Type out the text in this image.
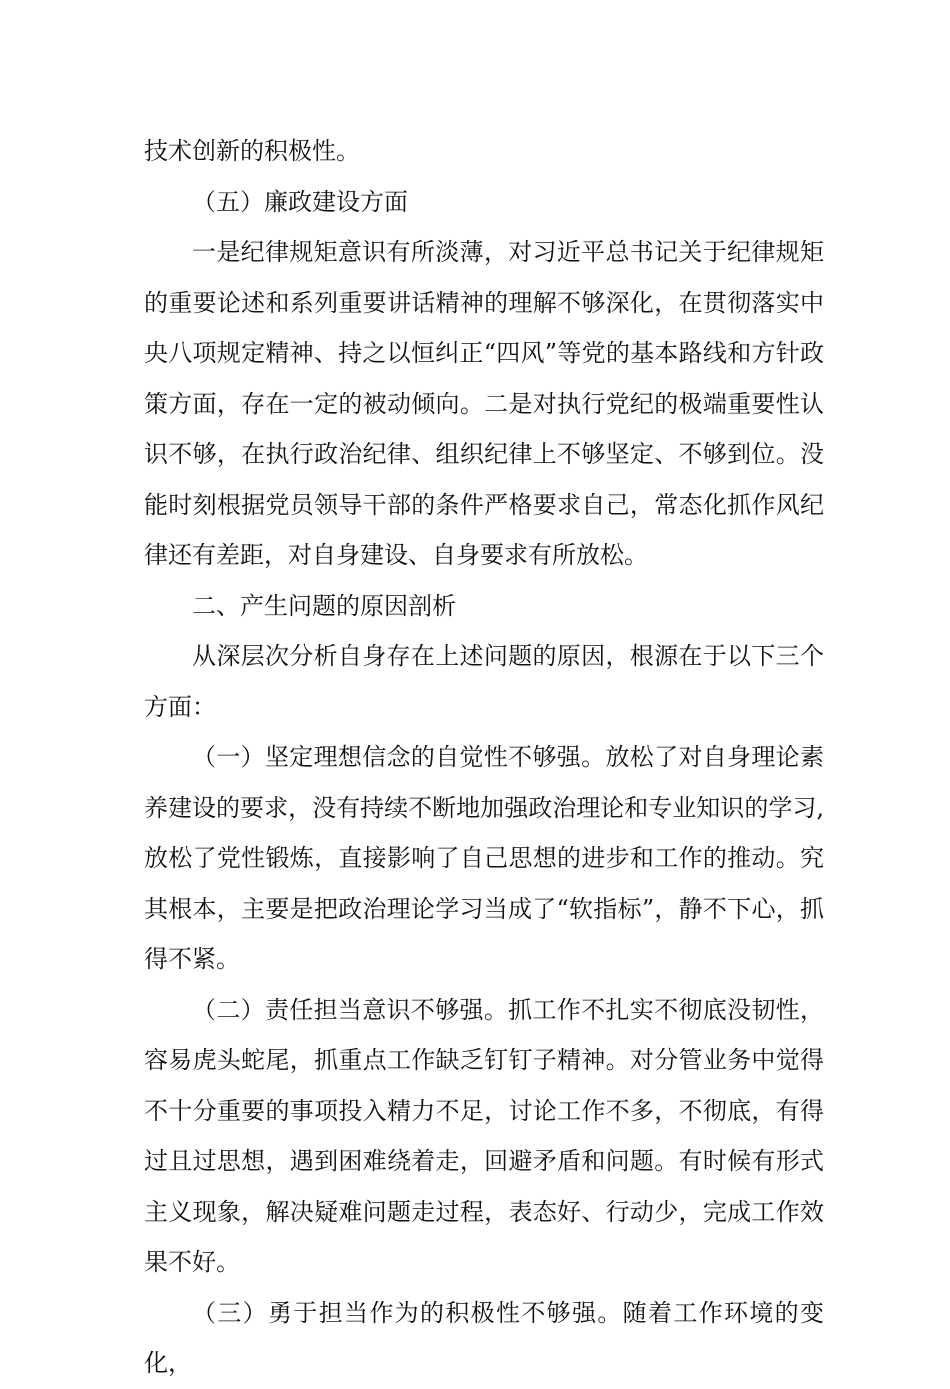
技术创新的积极性。

（五）廉政建设方面

一是纪律规矩意识有所淡薄，对习近平总书记关于纪律规矩的重要论述和系列重要讲话精神的理解不够深化，在贯彻落实中央八项规定精神、持之以恒纠正“四风”等党的基本路线和方针政策方面，存在一定的被动倾向。二是对执行党纪的极端重要性认识不够，在执行政治纪律、组织纪律上不够坚定、不够到位。没能时刻根据党员领导干部的条件严格要求自己，常态化抓作风纪律还有差距，对自身建设、自身要求有所放松。

二、产生问题的原因剖析

从深层次分析自身存在上述问题的原因，根源在于以下三个方面：

（一）坚定理想信念的自觉性不够强。放松了对自身理论素养建设的要求，没有持续不断地加强政治理论和专业知识的学习,放松了党性锻炼，直接影响了自己思想的进步和工作的推动。究其根本，主要是把政治理论学习当成了“软指标”，静不下心，抓得不紧。

（二）责任担当意识不够强。抓工作不扎实不彻底没韧性，容易虎头蛇尾，抓重点工作缺乏钉钉子精神。对分管业务中觉得不十分重要的事项投入精力不足，讨论工作不多，不彻底，有得过且过思想，遇到困难绕着走，回避矛盾和问题。有时候有形式主义现象，解决疑难问题走过程，表态好、行动少，完成工作效果不好。

（三）勇于担当作为的积极性不够强。随着工作环境的变化，
